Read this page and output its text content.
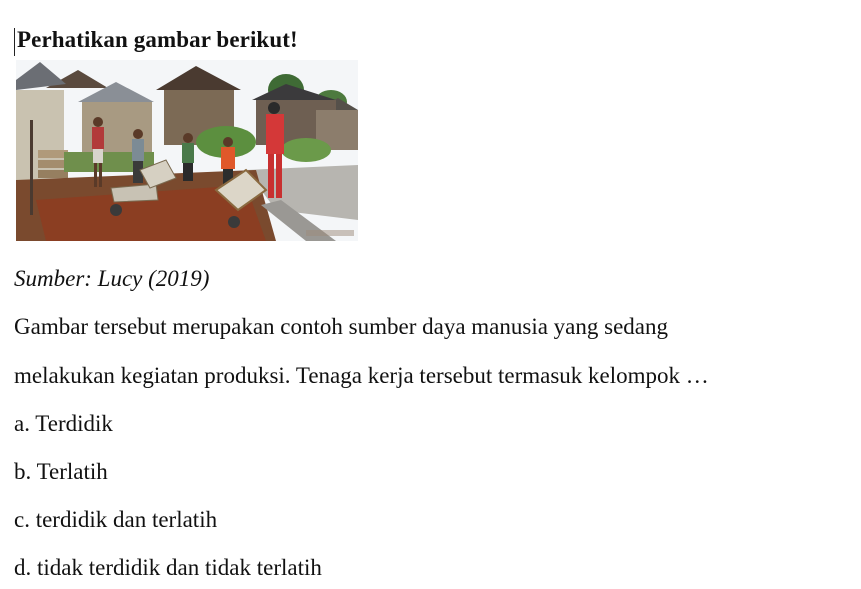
Perhatikan gambar berikut!
Sumber: Lucy (2019)
Gambar tersebut merupakan contoh sumber daya manusia yang sedang
melakukan kegiatan produksi. Tenaga kerja tersebut termasuk kelompok …
a. Terdidik
b. Terlatih
c. terdidik dan terlatih
d. tidak terdidik dan tidak terlatih
